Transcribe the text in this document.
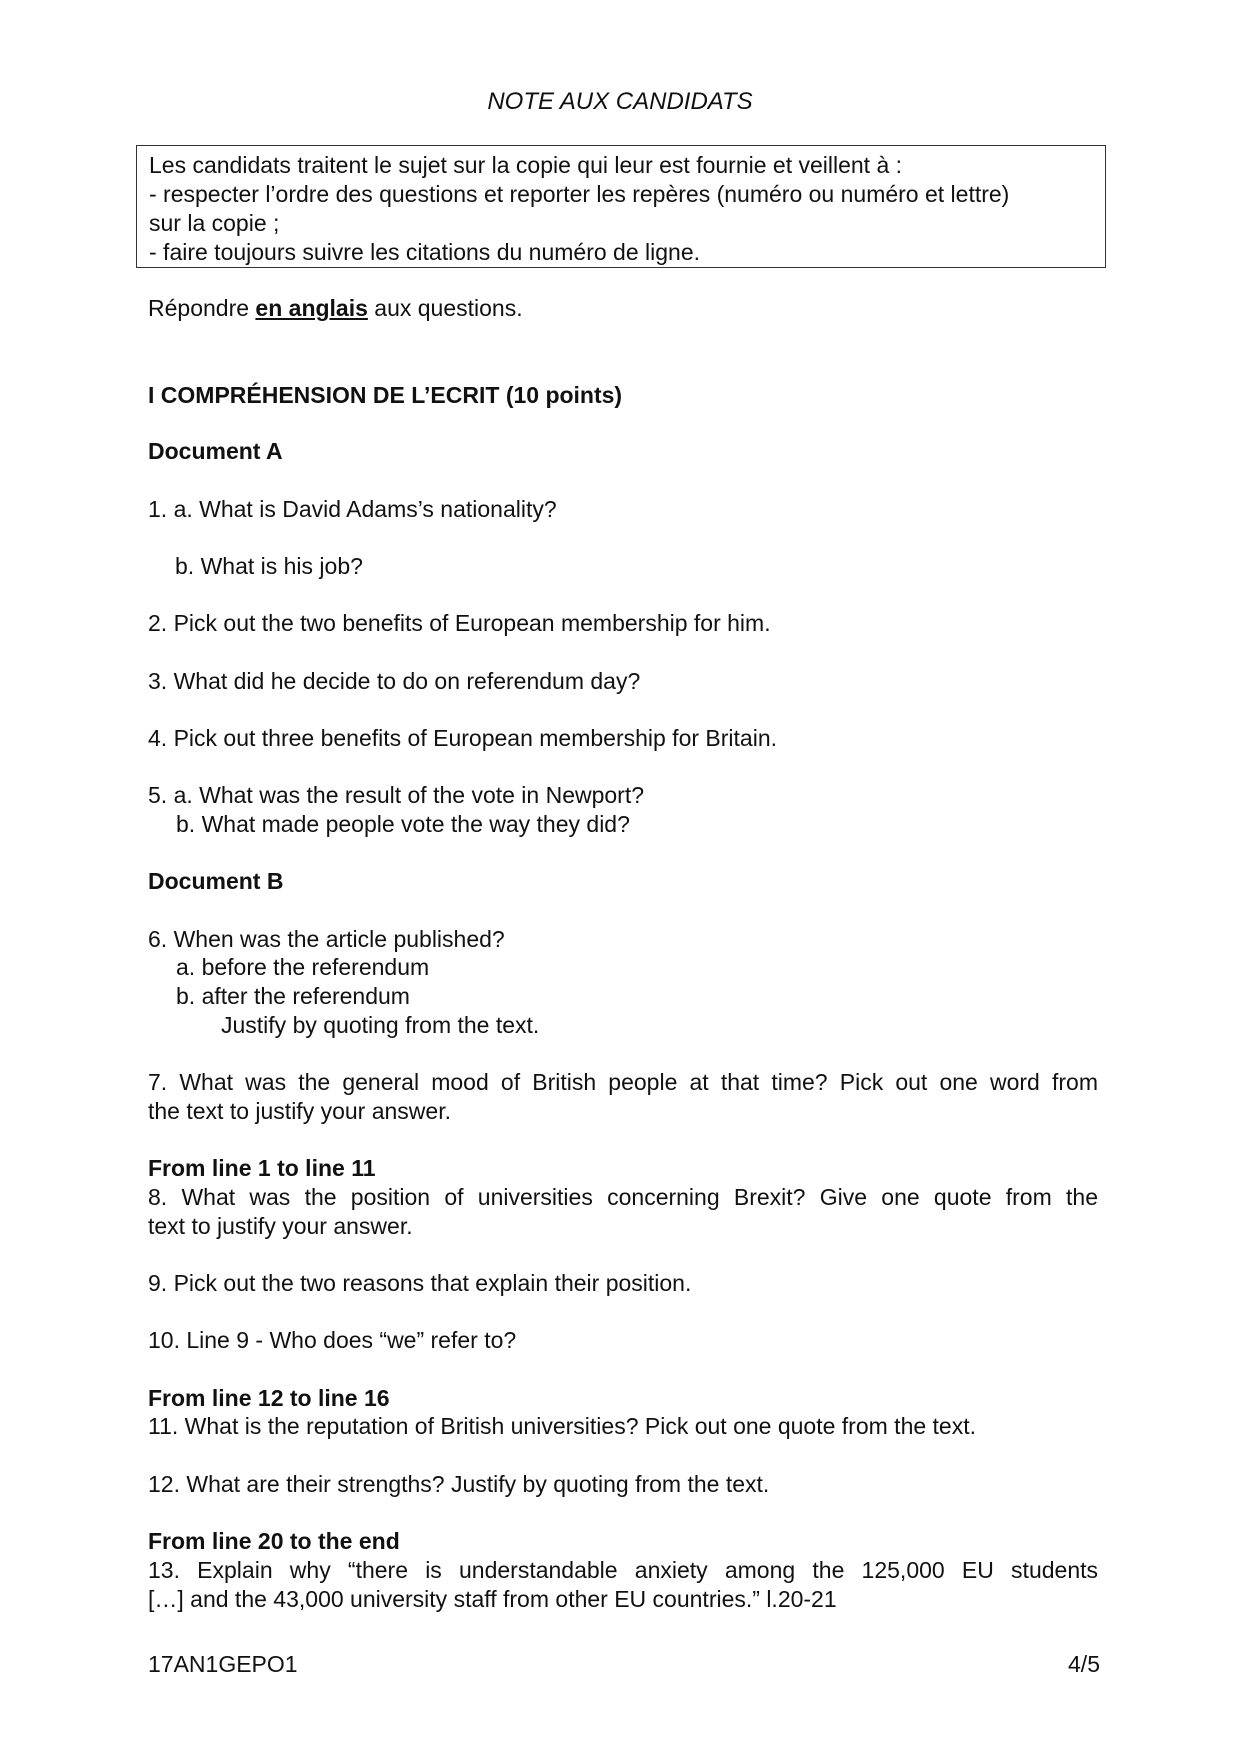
NOTE AUX CANDIDATS
Les candidats traitent le sujet sur la copie qui leur est fournie et veillent à :
- respecter l’ordre des questions et reporter les repères (numéro ou numéro et lettre)
sur la copie ;
- faire toujours suivre les citations du numéro de ligne.
Répondre en anglais aux questions.
I COMPRÉHENSION DE L’ECRIT (10 points)
Document A
1. a. What is David Adams’s nationality?
b. What is his job?
2. Pick out the two benefits of European membership for him.
3. What did he decide to do on referendum day?
4. Pick out three benefits of European membership for Britain.
5. a. What was the result of the vote in Newport?
b. What made people vote the way they did?
Document B
6. When was the article published?
a. before the referendum
b. after the referendum
Justify by quoting from the text.
7. What was the general mood of British people at that time? Pick out one word from
the text to justify your answer.
From line 1 to line 11
8. What was the position of universities concerning Brexit? Give one quote from the
text to justify your answer.
9. Pick out the two reasons that explain their position.
10. Line 9 - Who does “we” refer to?
From line 12 to line 16
11. What is the reputation of British universities? Pick out one quote from the text.
12. What are their strengths? Justify by quoting from the text.
From line 20 to the end
13. Explain why “there is understandable anxiety among the 125,000 EU students
[…] and the 43,000 university staff from other EU countries.” l.20-21
17AN1GEPO1	4/5
